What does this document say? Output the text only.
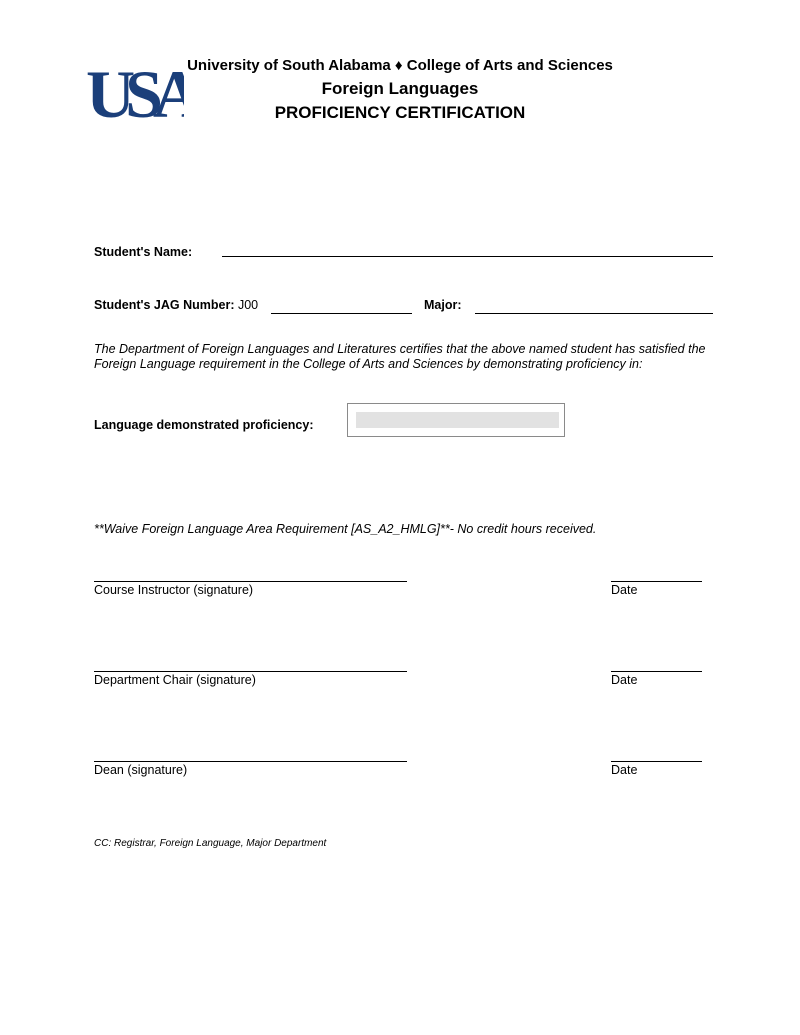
USA
University of South Alabama ♦ College of Arts and Sciences
Foreign Languages
PROFICIENCY CERTIFICATION
Student's Name:
Student's JAG Number: J00	Major:
The Department of Foreign Languages and Literatures certifies that the above named student has satisfied the Foreign Language requirement in the College of Arts and Sciences by demonstrating proficiency in:
Language demonstrated proficiency:
**Waive Foreign Language Area Requirement [AS_A2_HMLG]**- No credit hours received.
Course Instructor (signature)	Date
Department Chair (signature)	Date
Dean (signature)	Date
CC: Registrar, Foreign Language, Major Department
